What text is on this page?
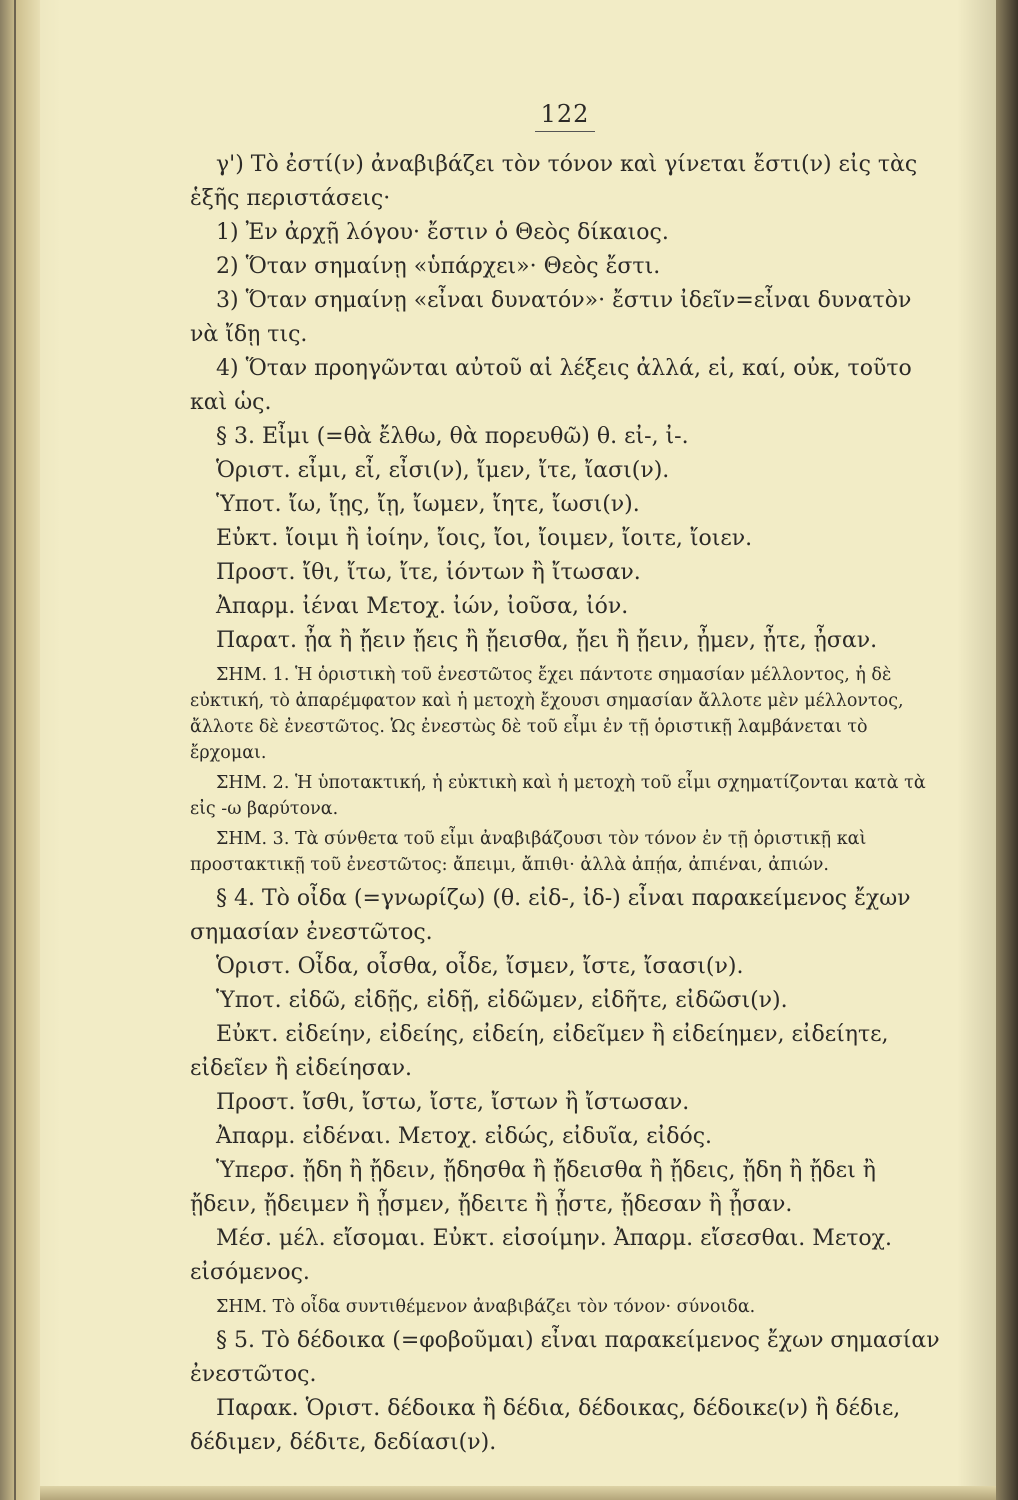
122

γ') Τὸ ἐστί(ν) ἀναβιβάζει τὸν τόνον καὶ γίνεται ἔστι(ν) εἰς τὰς ἑξῆς περιστάσεις·

1) Ἐν ἀρχῇ λόγου· ἔστιν ὁ Θεὸς δίκαιος.

2) Ὅταν σημαίνῃ «ὑπάρχει»· Θεὸς ἔστι.

3) Ὅταν σημαίνῃ «εἶναι δυνατόν»· ἔστιν ἰδεῖν=εἶναι δυνατὸν νὰ ἴδῃ τις.

4) Ὅταν προηγῶνται αὐτοῦ αἱ λέξεις ἀλλά, εἰ, καί, οὐκ, τοῦτο καὶ ὡς.

§ 3. Εἶμι (=θὰ ἔλθω, θὰ πορευθῶ) θ. εἰ-, ἰ-.

Ὁριστ. εἶμι, εἶ, εἶσι(ν), ἴμεν, ἴτε, ἴασι(ν).

Ὑποτ. ἴω, ἴῃς, ἴῃ, ἴωμεν, ἴητε, ἴωσι(ν).

Εὐκτ. ἴοιμι ἢ ἰοίην, ἴοις, ἴοι, ἴοιμεν, ἴοιτε, ἴοιεν.

Προστ. ἴθι, ἴτω, ἴτε, ἰόντων ἢ ἴτωσαν.

Ἀπαρμ. ἰέναι Μετοχ. ἰών, ἰοῦσα, ἰόν.

Παρατ. ᾖα ἢ ᾔειν ᾔεις ἢ ᾔεισθα, ᾔει ἢ ᾔειν, ᾖμεν, ᾖτε, ᾖσαν.

ΣΗΜ. 1. Ἡ ὁριστικὴ τοῦ ἐνεστῶτος ἔχει πάντοτε σημασίαν μέλλοντος, ἡ δὲ εὐκτική, τὸ ἀπαρέμφατον καὶ ἡ μετοχὴ ἔχουσι σημασίαν ἄλλοτε μὲν μέλλοντος, ἄλλοτε δὲ ἐνεστῶτος. Ὡς ἐνεστὼς δὲ τοῦ εἶμι ἐν τῇ ὁριστικῇ λαμβάνεται τὸ ἔρχομαι.

ΣΗΜ. 2. Ἡ ὑποτακτική, ἡ εὐκτικὴ καὶ ἡ μετοχὴ τοῦ εἶμι σχηματίζονται κατὰ τὰ εἰς -ω βαρύτονα.

ΣΗΜ. 3. Τὰ σύνθετα τοῦ εἶμι ἀναβιβάζουσι τὸν τόνον ἐν τῇ ὁριστικῇ καὶ προστακτικῇ τοῦ ἐνεστῶτος: ἄπειμι, ἄπιθι· ἀλλὰ ἀπῄα, ἀπιέναι, ἀπιών.

§ 4. Τὸ οἶδα (=γνωρίζω) (θ. εἰδ-, ἰδ-) εἶναι παρακείμενος ἔχων σημασίαν ἐνεστῶτος.

Ὁριστ. Οἶδα, οἶσθα, οἶδε, ἴσμεν, ἴστε, ἴσασι(ν).

Ὑποτ. εἰδῶ, εἰδῇς, εἰδῇ, εἰδῶμεν, εἰδῆτε, εἰδῶσι(ν).

Εὐκτ. εἰδείην, εἰδείης, εἰδείη, εἰδεῖμεν ἢ εἰδείημεν, εἰδείητε, εἰδεῖεν ἢ εἰδείησαν.

Προστ. ἴσθι, ἴστω, ἴστε, ἴστων ἢ ἴστωσαν.

Ἀπαρμ. εἰδέναι. Μετοχ. εἰδώς, εἰδυῖα, εἰδός.

Ὑπερσ. ᾔδη ἢ ᾔδειν, ᾔδησθα ἢ ᾔδεισθα ἢ ᾔδεις, ᾔδη ἢ ᾔδει ἢ ᾔδειν, ᾔδειμεν ἢ ᾖσμεν, ᾔδειτε ἢ ᾖστε, ᾔδεσαν ἢ ᾖσαν.

Μέσ. μέλ. εἴσομαι. Εὐκτ. εἰσοίμην. Ἀπαρμ. εἴσεσθαι. Μετοχ. εἰσόμενος.

ΣΗΜ. Τὸ οἶδα συντιθέμενον ἀναβιβάζει τὸν τόνον· σύνοιδα.

§ 5. Τὸ δέδοικα (=φοβοῦμαι) εἶναι παρακείμενος ἔχων σημασίαν ἐνεστῶτος.

Παρακ. Ὁριστ. δέδοικα ἢ δέδια, δέδοικας, δέδοικε(ν) ἢ δέδιε, δέδιμεν, δέδιτε, δεδίασι(ν).
